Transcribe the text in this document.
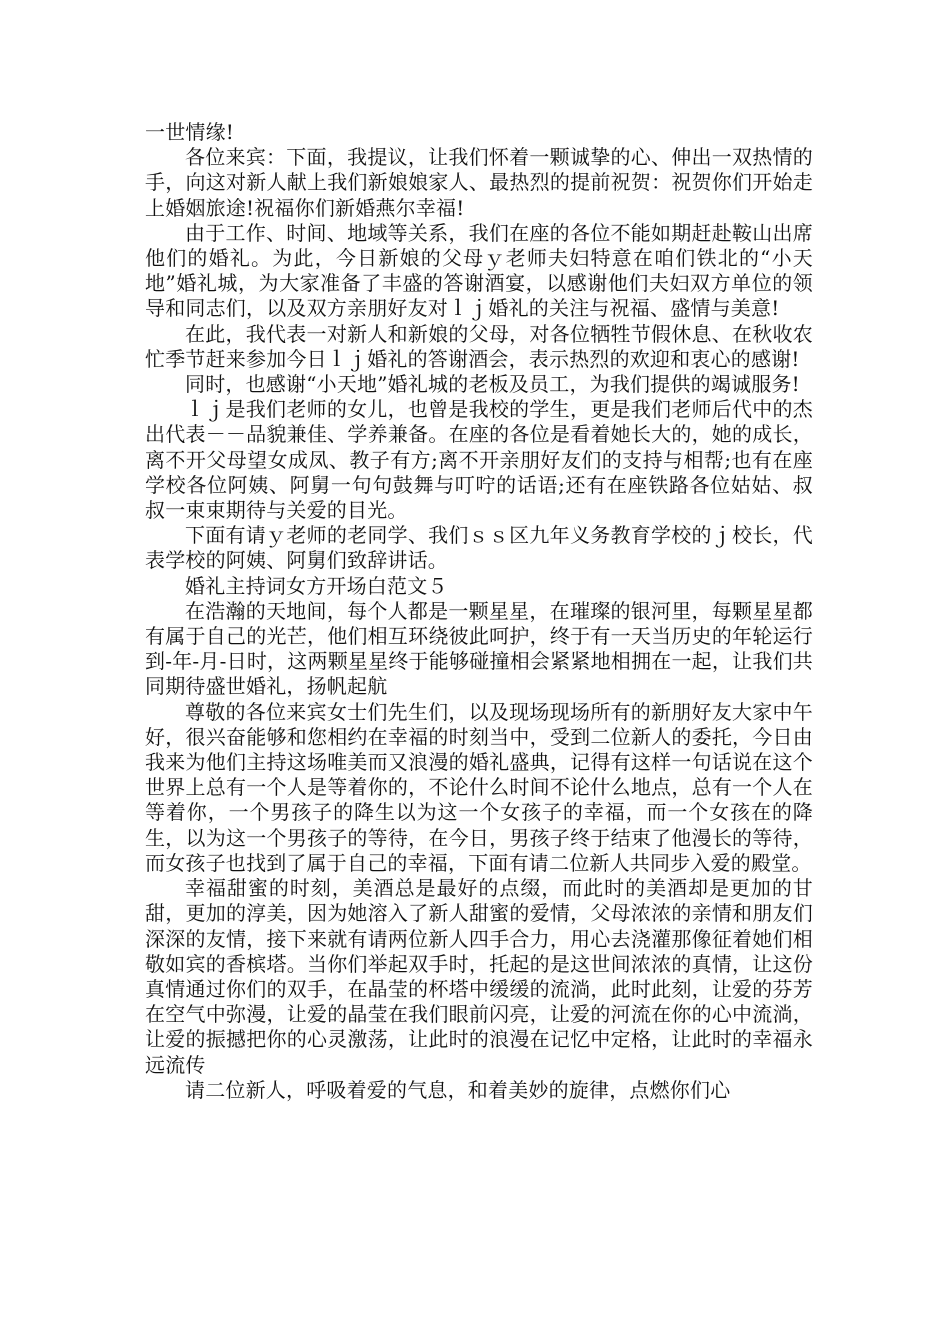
一世情缘!

各位来宾：下面，我提议，让我们怀着一颗诚挚的心、伸出一双热情的手，向这对新人献上我们新娘娘家人、最热烈的提前祝贺：祝贺你们开始走上婚姻旅途!祝福你们新婚燕尔幸福!

由于工作、时间、地域等关系，我们在座的各位不能如期赶赴鞍山出席他们的婚礼。为此，今日新娘的父母ｙ老师夫妇特意在咱们铁北的“小天地”婚礼城，为大家准备了丰盛的答谢酒宴，以感谢他们夫妇双方单位的领导和同志们，以及双方亲朋好友对ｌｊ婚礼的关注与祝福、盛情与美意!

在此，我代表一对新人和新娘的父母，对各位牺牲节假休息、在秋收农忙季节赶来参加今日ｌｊ婚礼的答谢酒会，表示热烈的欢迎和衷心的感谢!

同时，也感谢“小天地”婚礼城的老板及员工，为我们提供的竭诚服务!

ｌｊ是我们老师的女儿，也曾是我校的学生，更是我们老师后代中的杰出代表－－品貌兼佳、学养兼备。在座的各位是看着她长大的，她的成长，离不开父母望女成凤、教子有方;离不开亲朋好友们的支持与相帮;也有在座学校各位阿姨、阿舅一句句鼓舞与叮咛的话语;还有在座铁路各位姑姑、叔叔一束束期待与关爱的目光。

下面有请ｙ老师的老同学、我们ｓｓ区九年义务教育学校的ｊ校长，代表学校的阿姨、阿舅们致辞讲话。

婚礼主持词女方开场白范文５

在浩瀚的天地间，每个人都是一颗星星，在璀璨的银河里，每颗星星都有属于自己的光芒，他们相互环绕彼此呵护，终于有一天当历史的年轮运行到-年-月-日时，这两颗星星终于能够碰撞相会紧紧地相拥在一起，让我们共同期待盛世婚礼，扬帆起航

尊敬的各位来宾女士们先生们，以及现场现场所有的新朋好友大家中午好，很兴奋能够和您相约在幸福的时刻当中，受到二位新人的委托，今日由我来为他们主持这场唯美而又浪漫的婚礼盛典，记得有这样一句话说在这个世界上总有一个人是等着你的，不论什么时间不论什么地点，总有一个人在等着你，一个男孩子的降生以为这一个女孩子的幸福，而一个女孩在的降生，以为这一个男孩子的等待，在今日，男孩子终于结束了他漫长的等待，而女孩子也找到了属于自己的幸福，下面有请二位新人共同步入爱的殿堂。

幸福甜蜜的时刻，美酒总是最好的点缀，而此时的美酒却是更加的甘甜，更加的淳美，因为她溶入了新人甜蜜的爱情，父母浓浓的亲情和朋友们深深的友情，接下来就有请两位新人四手合力，用心去浇灌那像征着她们相敬如宾的香槟塔。当你们举起双手时，托起的是这世间浓浓的真情，让这份真情通过你们的双手，在晶莹的杯塔中缓缓的流淌，此时此刻，让爱的芬芳在空气中弥漫，让爱的晶莹在我们眼前闪亮，让爱的河流在你的心中流淌，让爱的振撼把你的心灵激荡，让此时的浪漫在记忆中定格，让此时的幸福永远流传

请二位新人，呼吸着爱的气息，和着美妙的旋律，点燃你们心
